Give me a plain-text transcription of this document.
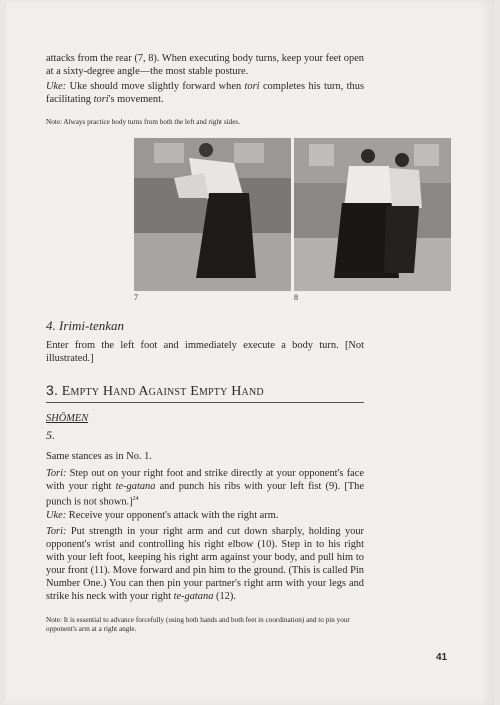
attacks from the rear (7, 8). When executing body turns, keep your feet open at a sixty-degree angle—the most stable posture.
Uke: Uke should move slightly forward when tori completes his turn, thus facilitating tori's movement.
Note: Always practice body turns from both the left and right sides.
7	8
4. Irimi-tenkan
Enter from the left foot and immediately execute a body turn. [Not illustrated.]
3. Empty Hand Against Empty Hand
SHŌMEN
5.
Same stances as in No. 1.
Tori: Step out on your right foot and strike directly at your opponent's face with your right te-gatana and punch his ribs with your left fist (9). [The punch is not shown.]$^{24}$
Uke: Receive your opponent's attack with the right arm.
Tori: Put strength in your right arm and cut down sharply, holding your opponent's wrist and controlling his right elbow (10). Step in to his right with your left foot, keeping his right arm against your body, and pull him to your front (11). Move forward and pin him to the ground. (This is called Pin Number One.) You can then pin your partner's right arm with your legs and strike his neck with your right te-gatana (12).
Note: It is essential to advance forcefully (using both hands and both feet in coordination) and to pin your opponent's arm at a right angle.
41
